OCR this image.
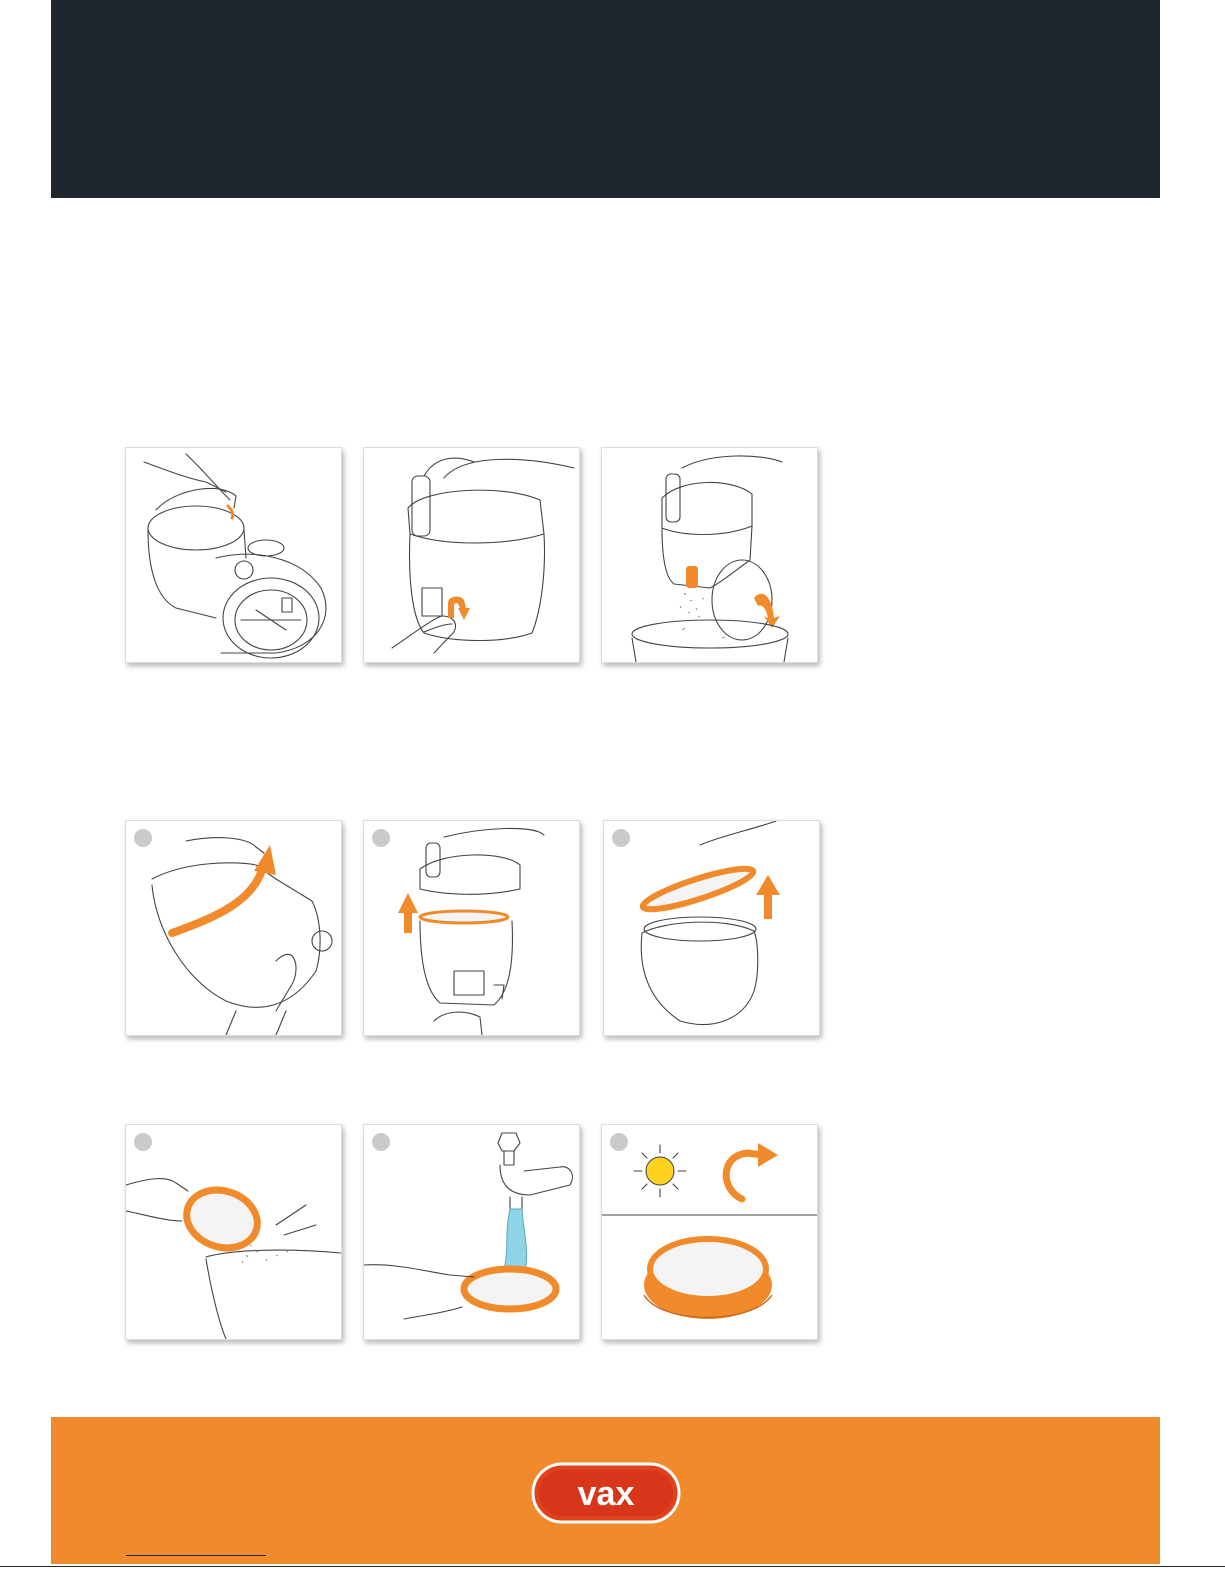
vax
